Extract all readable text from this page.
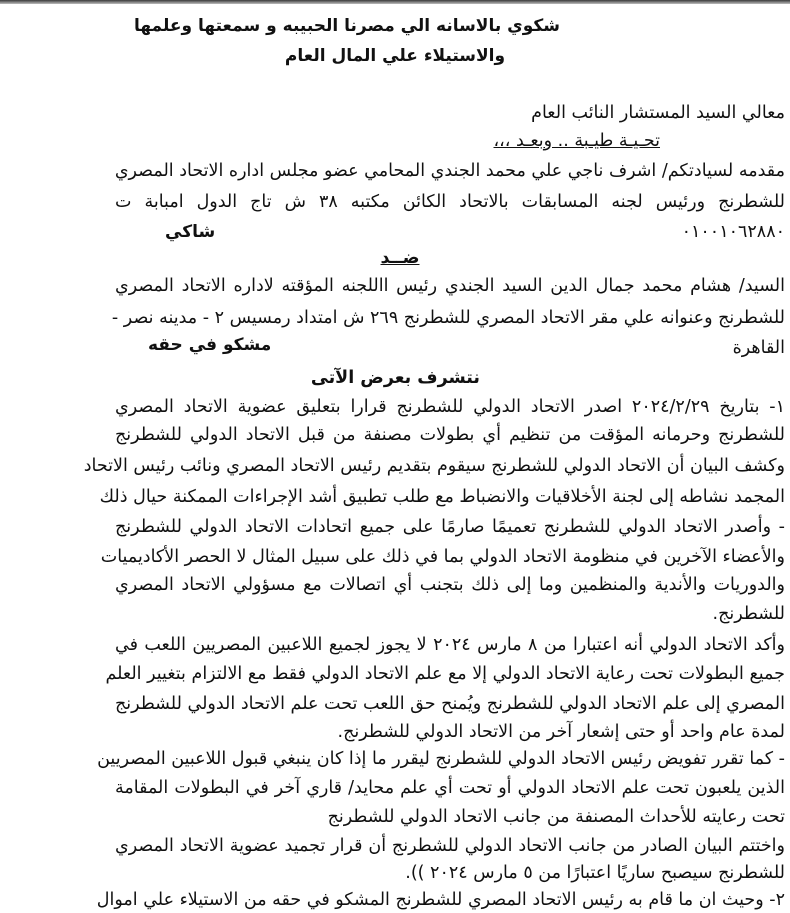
شكوي بالاسانه الي مصرنا الحبيبه و سمعتها وعلمها
والاستيلاء علي المال العام
معالي السيد المستشار النائب العام
تحـيـة طيـبة .. وبعـد ،،،
مقدمه لسيادتكم/ اشرف ناجي علي محمد الجندي المحامي عضو مجلس اداره الاتحاد المصري
للشطرنج ورئيس لجنه المسابقات بالاتحاد الكائن مكتبه ٣٨ ش تاج الدول امبابة ت
٠١٠٠١٠٦٢٨٨٠
شاكي
ضــد
السيد/ هشام محمد جمال الدين السيد الجندي رئيس االلجنه المؤقته لاداره الاتحاد المصري
للشطرنج وعنوانه علي مقر الاتحاد المصري للشطرنج ٢٦٩ ش امتداد رمسيس ٢ - مدينه نصر -
القاهرة
مشكو في حقه
نتشرف بعرض الآتى
١- بتاريخ ٢٠٢٤/٢/٢٩ اصدر الاتحاد الدولي للشطرنج قرارا بتعليق عضوية الاتحاد المصري
للشطرنج وحرمانه المؤقت من تنظيم أي بطولات مصنفة من قبل الاتحاد الدولي للشطرنج
وكشف البيان أن الاتحاد الدولي للشطرنج سيقوم بتقديم رئيس الاتحاد المصري ونائب رئيس الاتحاد
المجمد نشاطه إلى لجنة الأخلاقيات والانضباط مع طلب تطبيق أشد الإجراءات الممكنة حيال ذلك
- وأصدر الاتحاد الدولي للشطرنج تعميمًا صارمًا على جميع اتحادات الاتحاد الدولي للشطرنج
والأعضاء الآخرين في منظومة الاتحاد الدولي بما في ذلك على سبيل المثال لا الحصر الأكاديميات
والدوريات والأندية والمنظمين وما إلى ذلك بتجنب أي اتصالات مع مسؤولي الاتحاد المصري
للشطرنج.
وأكد الاتحاد الدولي أنه اعتبارا من ٨ مارس ٢٠٢٤ لا يجوز لجميع اللاعبين المصريين اللعب في
جميع البطولات تحت رعاية الاتحاد الدولي إلا مع علم الاتحاد الدولي فقط مع الالتزام بتغيير العلم
المصري إلى علم الاتحاد الدولي للشطرنج ويُمنح حق اللعب تحت علم الاتحاد الدولي للشطرنج
لمدة عام واحد أو حتى إشعار آخر من الاتحاد الدولي للشطرنج.
- كما تقرر تفويض رئيس الاتحاد الدولي للشطرنج ليقرر ما إذا كان ينبغي قبول اللاعبين المصريين
الذين يلعبون تحت علم الاتحاد الدولي أو تحت أي علم محايد/ قاري آخر في البطولات المقامة
تحت رعايته للأحداث المصنفة من جانب الاتحاد الدولي للشطرنج
واختتم البيان الصادر من جانب الاتحاد الدولي للشطرنج أن قرار تجميد عضوية الاتحاد المصري
للشطرنج سيصبح ساريًا اعتبارًا من ٥ مارس ٢٠٢٤ )).
٢- وحيث ان ما قام به رئيس الاتحاد المصري للشطرنج المشكو في حقه من الاستيلاء علي اموال
